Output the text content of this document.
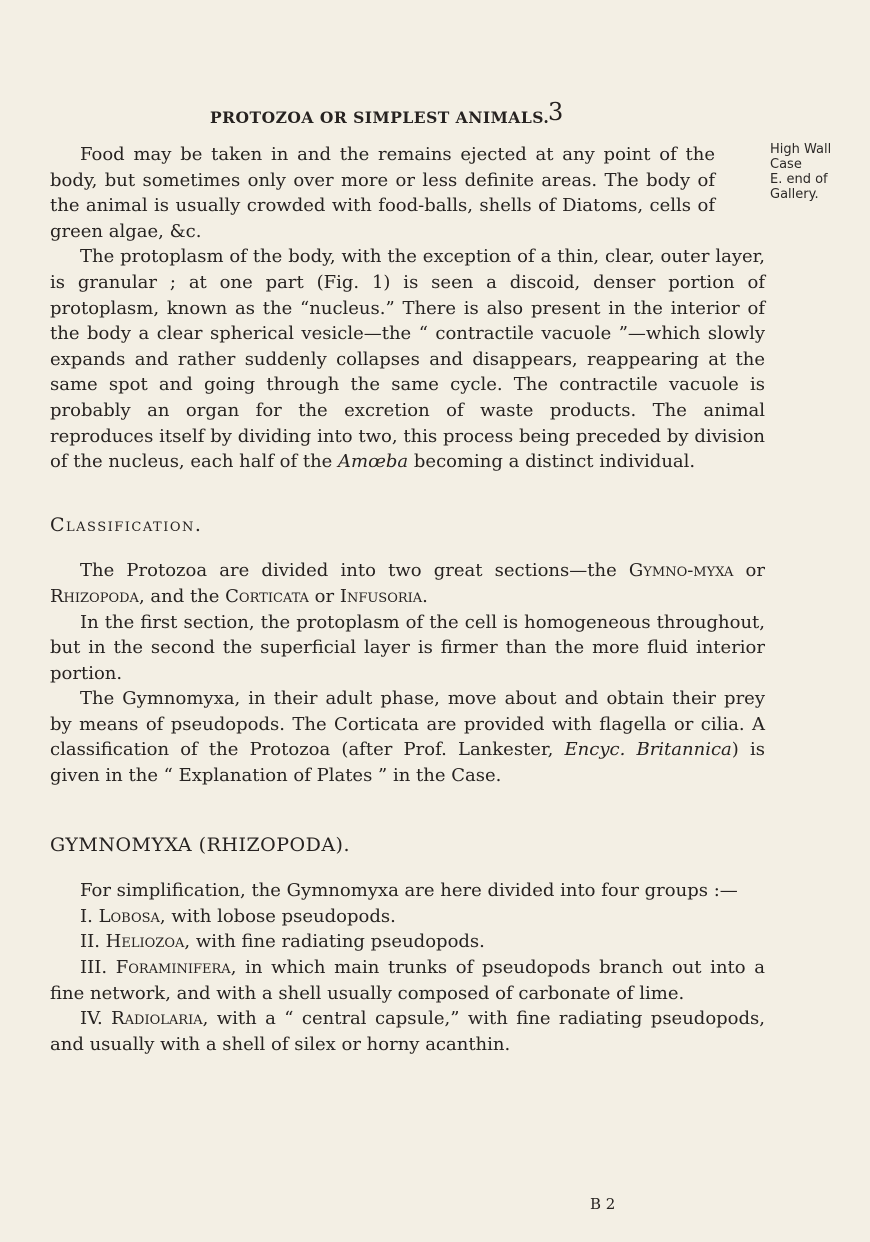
PROTOZOA OR SIMPLEST ANIMALS.
3
High Wall
Case
E. end of
Gallery.

Food may be taken in and the remains ejected at any point of the body, but sometimes only over more or less definite areas. The body of the animal is usually crowded with food-balls, shells of Diatoms, cells of green algae, &c.

The protoplasm of the body, with the exception of a thin, clear, outer layer, is granular ; at one part (Fig. 1) is seen a discoid, denser portion of protoplasm, known as the “nucleus.” There is also present in the interior of the body a clear spherical vesicle—the “ contractile vacuole ”—which slowly expands and rather suddenly collapses and disappears, reappearing at the same spot and going through the same cycle. The contractile vacuole is probably an organ for the excretion of waste products. The animal reproduces itself by dividing into two, this process being preceded by division of the nucleus, each half of the Amœba becoming a distinct individual.

Classification.

The Protozoa are divided into two great sections—the Gymno-myxa or Rhizopoda, and the Corticata or Infusoria.

In the first section, the protoplasm of the cell is homogeneous throughout, but in the second the superficial layer is firmer than the more fluid interior portion.

The Gymnomyxa, in their adult phase, move about and obtain their prey by means of pseudopods. The Corticata are provided with flagella or cilia. A classification of the Protozoa (after Prof. Lankester, Encyc. Britannica) is given in the “ Explanation of Plates ” in the Case.

GYMNOMYXA (RHIZOPODA).

For simplification, the Gymnomyxa are here divided into four groups :—

I. Lobosa, with lobose pseudopods.

II. Heliozoa, with fine radiating pseudopods.

III. Foraminifera, in which main trunks of pseudopods branch out into a fine network, and with a shell usually composed of carbonate of lime.

IV. Radiolaria, with a “ central capsule,” with fine radiating pseudopods, and usually with a shell of silex or horny acanthin.

B 2
